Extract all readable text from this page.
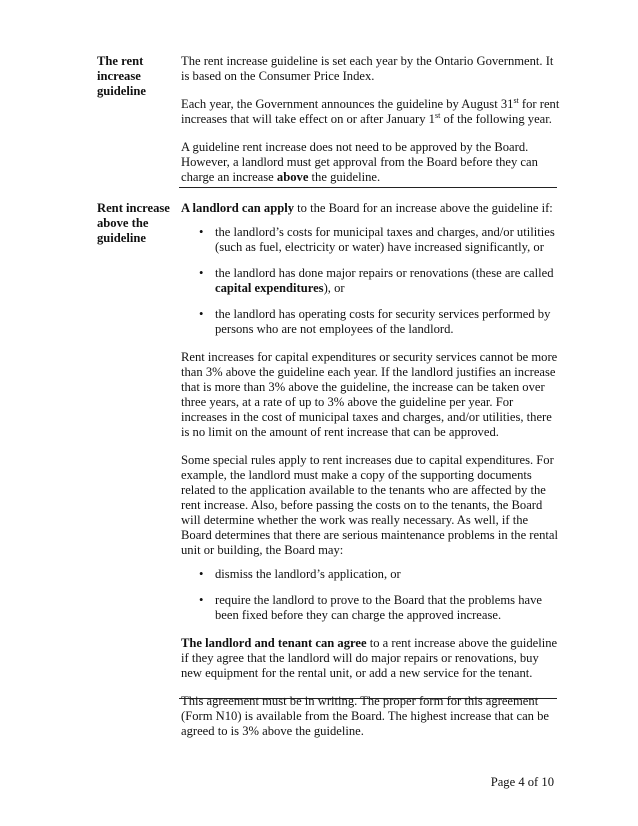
The rent increase guideline

The rent increase guideline is set each year by the Ontario Government. It is based on the Consumer Price Index.

Each year, the Government announces the guideline by August 31st for rent increases that will take effect on or after January 1st of the following year.

A guideline rent increase does not need to be approved by the Board. However, a landlord must get approval from the Board before they can charge an increase above the guideline.

Rent increase above the guideline

A landlord can apply to the Board for an increase above the guideline if:

• the landlord’s costs for municipal taxes and charges, and/or utilities (such as fuel, electricity or water) have increased significantly, or
• the landlord has done major repairs or renovations (these are called capital expenditures), or
• the landlord has operating costs for security services performed by persons who are not employees of the landlord.

Rent increases for capital expenditures or security services cannot be more than 3% above the guideline each year. If the landlord justifies an increase that is more than 3% above the guideline, the increase can be taken over three years, at a rate of up to 3% above the guideline per year. For increases in the cost of municipal taxes and charges, and/or utilities, there is no limit on the amount of rent increase that can be approved.

Some special rules apply to rent increases due to capital expenditures. For example, the landlord must make a copy of the supporting documents related to the application available to the tenants who are affected by the rent increase. Also, before passing the costs on to the tenants, the Board will determine whether the work was really necessary. As well, if the Board determines that there are serious maintenance problems in the rental unit or building, the Board may:

• dismiss the landlord’s application, or
• require the landlord to prove to the Board that the problems have been fixed before they can charge the approved increase.

The landlord and tenant can agree to a rent increase above the guideline if they agree that the landlord will do major repairs or renovations, buy new equipment for the rental unit, or add a new service for the tenant.

This agreement must be in writing. The proper form for this agreement (Form N10) is available from the Board. The highest increase that can be agreed to is 3% above the guideline.

Page 4 of 10
